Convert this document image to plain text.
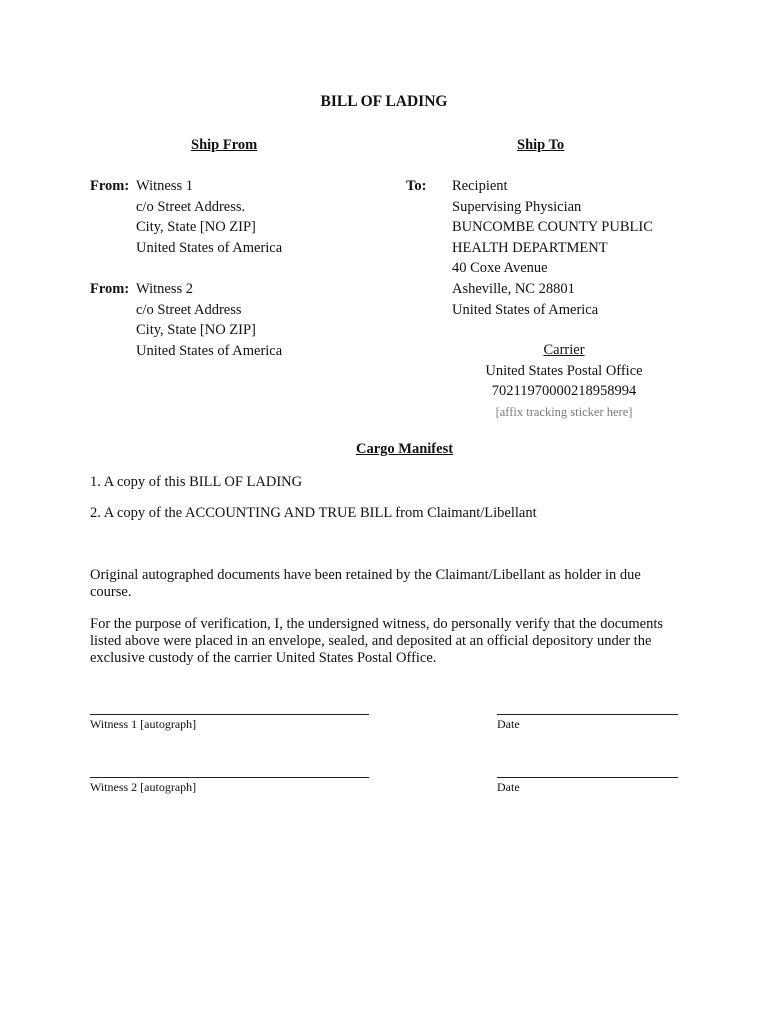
BILL OF LADING
Ship From	Ship To
From: Witness 1
c/o Street Address.
City, State [NO ZIP]
United States of America
From: Witness 2
c/o Street Address
City, State [NO ZIP]
United States of America
To: Recipient
Supervising Physician
BUNCOMBE COUNTY PUBLIC
HEALTH DEPARTMENT
40 Coxe Avenue
Asheville, NC 28801
United States of America
Carrier
United States Postal Office
70211970000218958994
[affix tracking sticker here]
Cargo Manifest
1. A copy of this BILL OF LADING
2. A copy of the ACCOUNTING AND TRUE BILL from Claimant/Libellant
Original autographed documents have been retained by the Claimant/Libellant as holder in due course.
For the purpose of verification, I, the undersigned witness, do personally verify that the documents listed above were placed in an envelope, sealed, and deposited at an official depository under the exclusive custody of the carrier United States Postal Office.
Witness 1 [autograph]	Date
Witness 2 [autograph]	Date
